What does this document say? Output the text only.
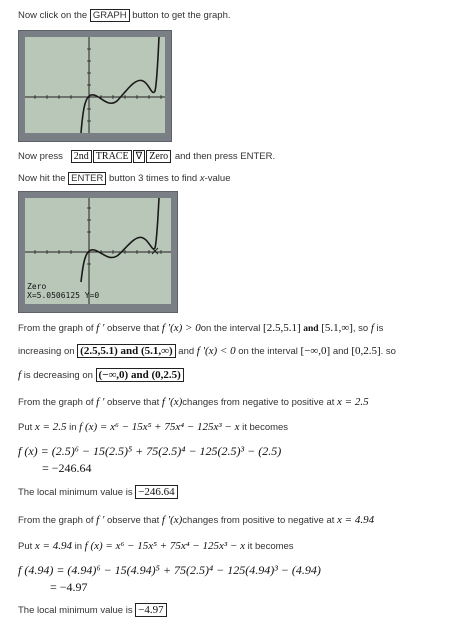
Now click on the GRAPH button to get the graph.
Now press 2nd TRACE ∇ Zero and then press ENTER.
Now hit the ENTER button 3 times to find x-value
Zero
X=5.0506125 Y=0
From the graph of f ' observe that f '(x) > 0on the interval [2.5,5.1] and [5.1,∞], so f is
increasing on (2.5,5.1) and (5.1,∞) and f '(x) < 0 on the interval [−∞,0] and [0,2.5]. so
f is decreasing on (−∞,0) and (0,2.5)
From the graph of f ' observe that f '(x)changes from negative to positive at x = 2.5
Put x = 2.5 in f (x) = x⁶ − 15x⁵ + 75x⁴ − 125x³ − x it becomes
f (x) = (2.5)⁶ − 15(2.5)⁵ + 75(2.5)⁴ − 125(2.5)³ − (2.5)
= −246.64
The local minimum value is −246.64
From the graph of f ' observe that f '(x)changes from positive to negative at x = 4.94
Put x = 4.94 in f (x) = x⁶ − 15x⁵ + 75x⁴ − 125x³ − x it becomes
f (4.94) = (4.94)⁶ − 15(4.94)⁵ + 75(2.5)⁴ − 125(4.94)³ − (4.94)
= −4.97
The local minimum value is −4.97
